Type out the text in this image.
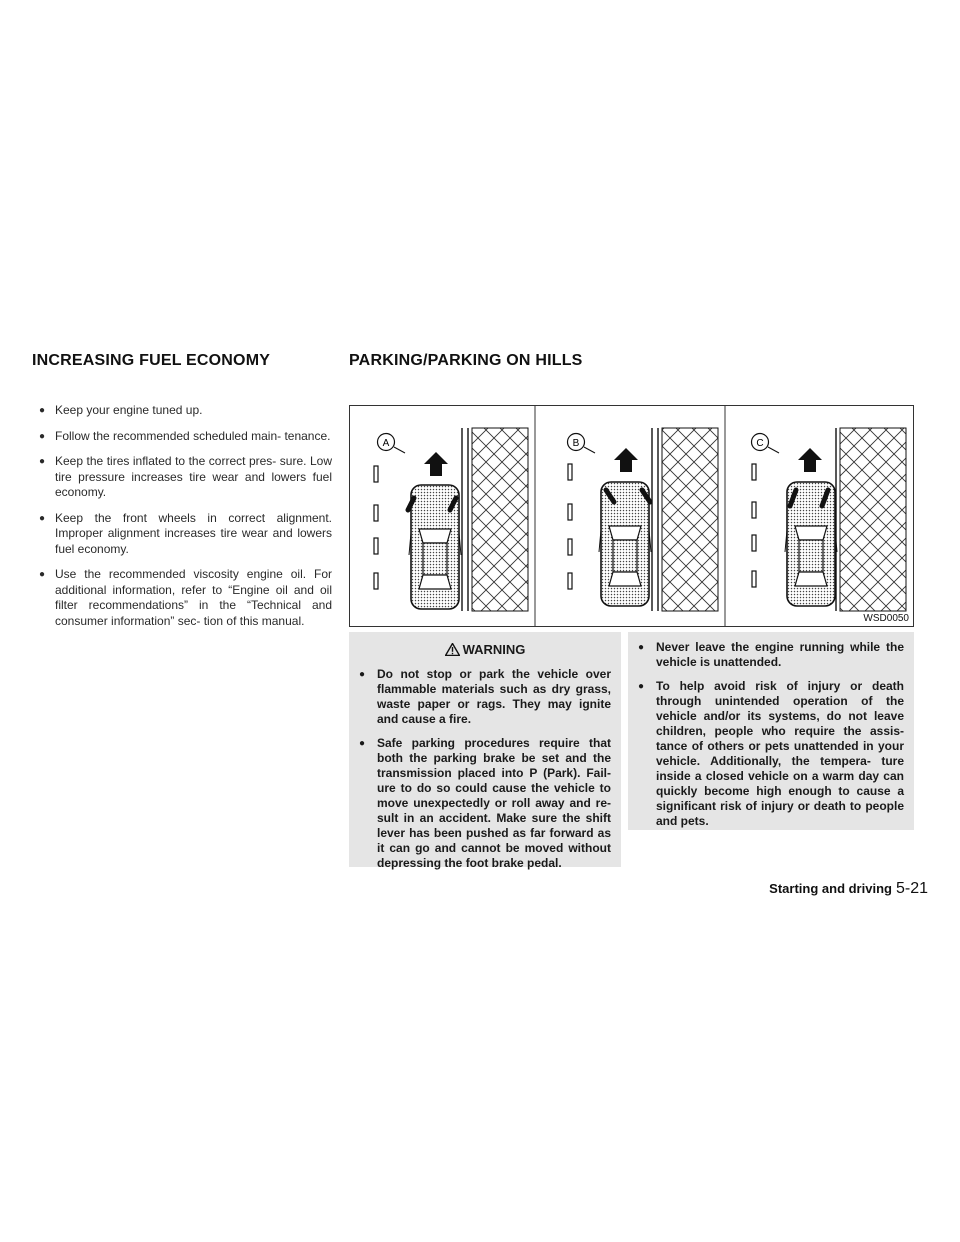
INCREASING FUEL ECONOMY	PARKING/PARKING ON HILLS
● Keep your engine tuned up.
● Follow the recommended scheduled main- tenance.
● Keep the tires inflated to the correct pres- sure. Low tire pressure increases tire wear and lowers fuel economy.
● Keep the front wheels in correct alignment. Improper alignment increases tire wear and lowers fuel economy.
● Use the recommended viscosity engine oil. For additional information, refer to “Engine oil and oil filter recommendations” in the “Technical and consumer information” sec- tion of this manual.
A	B	C
WSD0050
WARNING
● Do not stop or park the vehicle over flammable materials such as dry grass, waste paper or rags. They may ignite and cause a fire.
● Safe parking procedures require that both the parking brake be set and the transmission placed into P (Park). Fail- ure to do so could cause the vehicle to move unexpectedly or roll away and re- sult in an accident. Make sure the shift lever has been pushed as far forward as it can go and cannot be moved without depressing the foot brake pedal.
● Never leave the engine running while the vehicle is unattended.
● To help avoid risk of injury or death through unintended operation of the vehicle and/or its systems, do not leave children, people who require the assis- tance of others or pets unattended in your vehicle. Additionally, the tempera- ture inside a closed vehicle on a warm day can quickly become high enough to cause a significant risk of injury or death to people and pets.
Starting and driving 5-21
